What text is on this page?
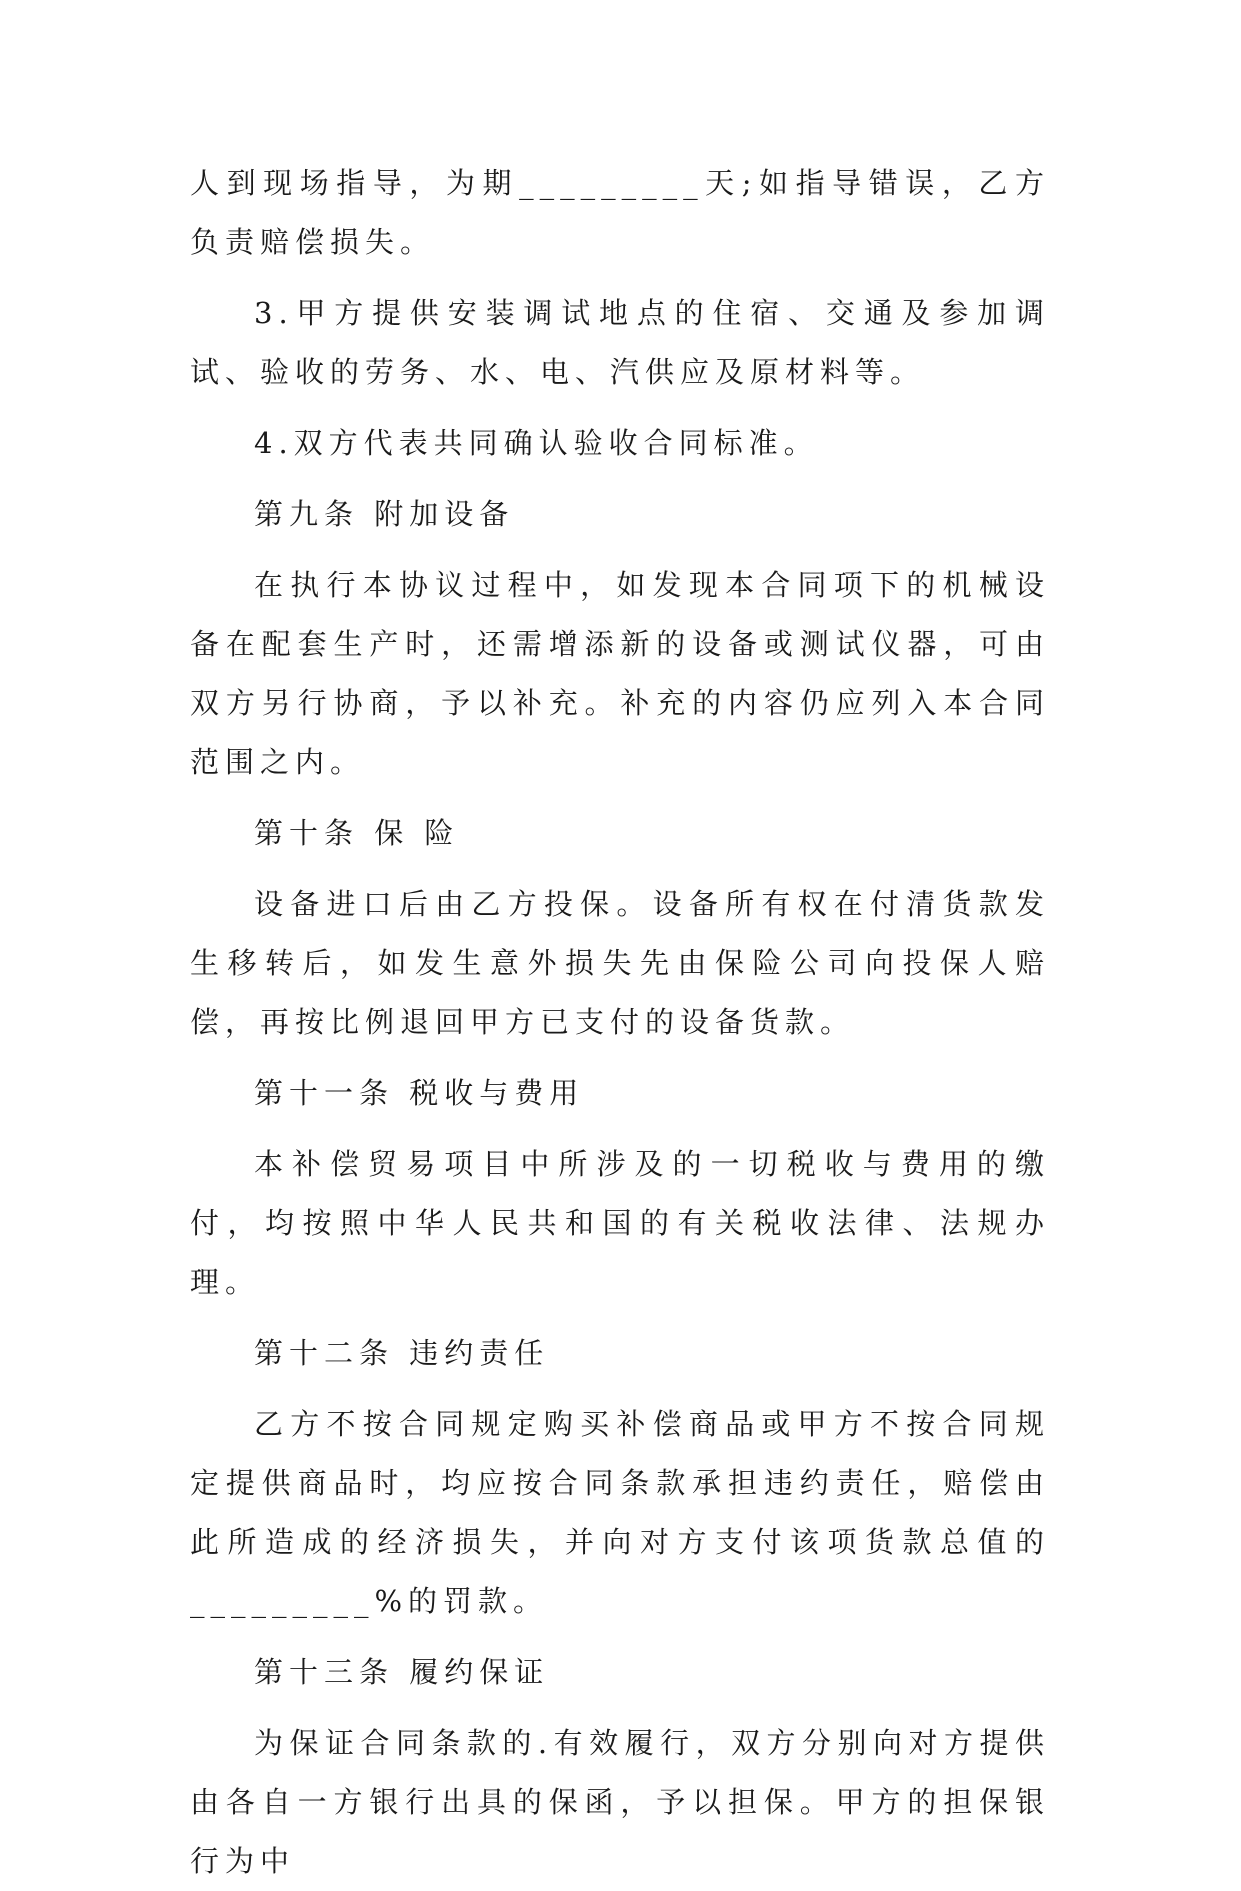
人到现场指导，为期_________天;如指导错误，乙方负责赔偿损失。

3.甲方提供安装调试地点的住宿、交通及参加调试、验收的劳务、水、电、汽供应及原材料等。

4.双方代表共同确认验收合同标准。

第九条 附加设备

在执行本协议过程中，如发现本合同项下的机械设备在配套生产时，还需增添新的设备或测试仪器，可由双方另行协商，予以补充。补充的内容仍应列入本合同范围之内。

第十条 保 险

设备进口后由乙方投保。设备所有权在付清货款发生移转后，如发生意外损失先由保险公司向投保人赔偿，再按比例退回甲方已支付的设备货款。

第十一条 税收与费用

本补偿贸易项目中所涉及的一切税收与费用的缴付，均按照中华人民共和国的有关税收法律、法规办理。

第十二条 违约责任

乙方不按合同规定购买补偿商品或甲方不按合同规定提供商品时，均应按合同条款承担违约责任，赔偿由此所造成的经济损失，并向对方支付该项货款总值的_________%的罚款。

第十三条 履约保证

为保证合同条款的.有效履行，双方分别向对方提供由各自一方银行出具的保函，予以担保。甲方的担保银行为中
